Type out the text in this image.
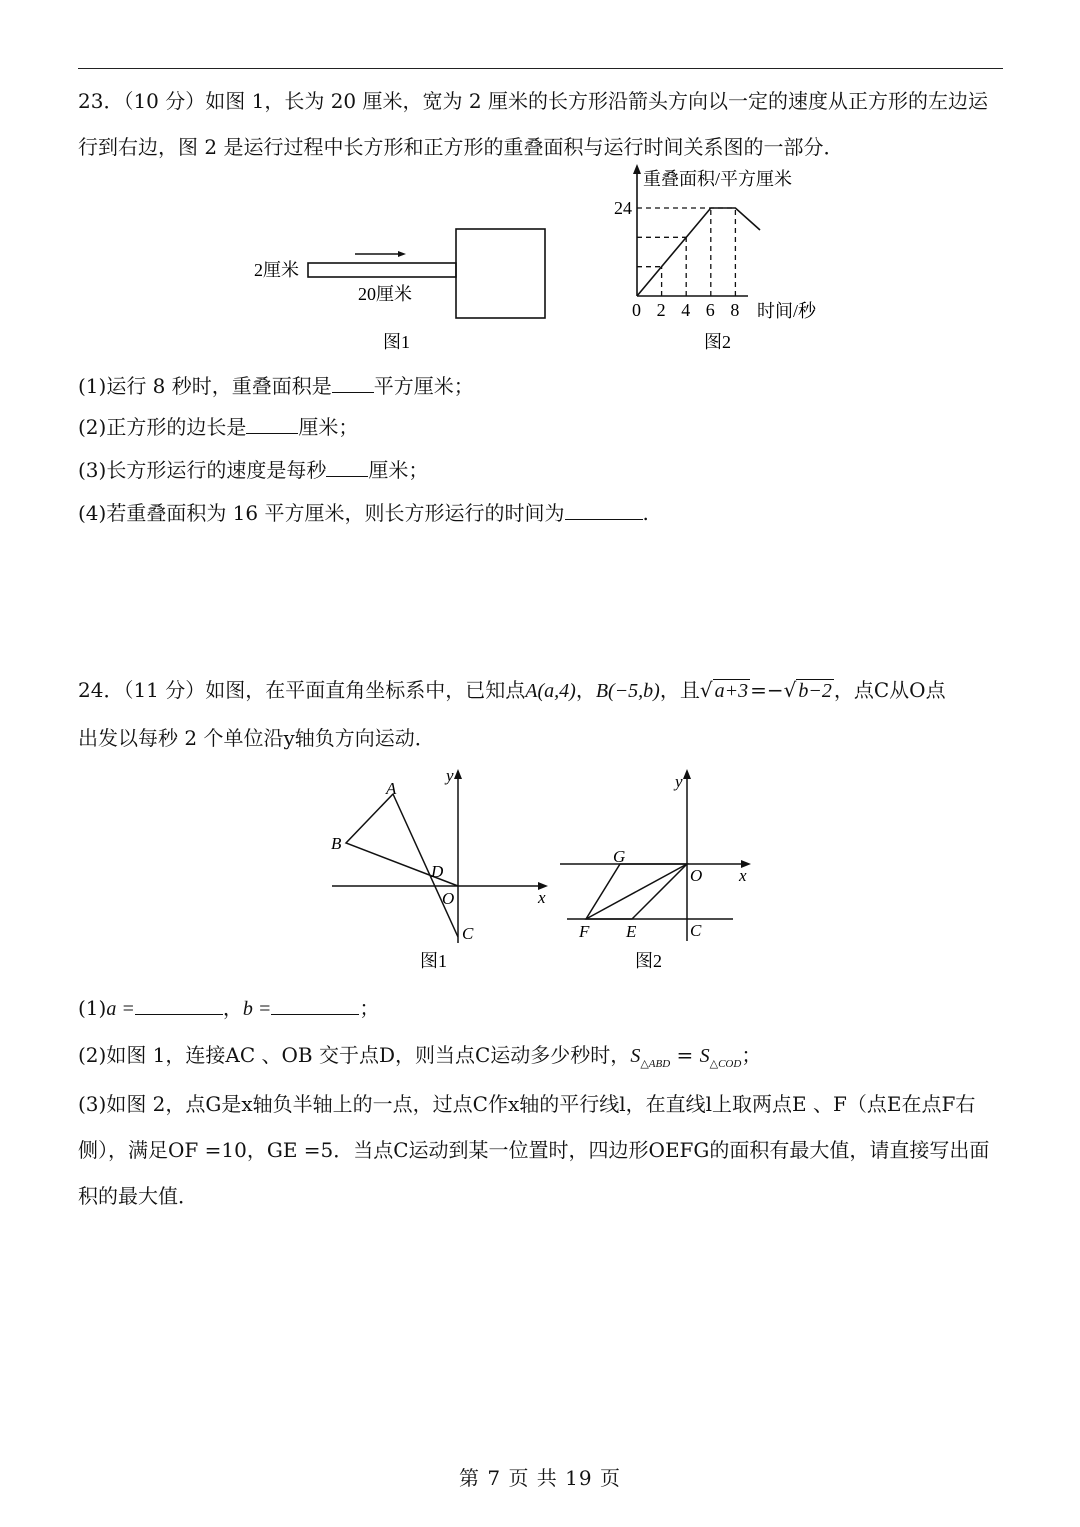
23．（10 分）如图 1，长为 20 厘米，宽为 2 厘米的长方形沿箭头方向以一定的速度从正方形的左边运行到右边，图 2 是运行过程中长方形和正方形的重叠面积与运行时间关系图的一部分．
2厘米
20厘米
图1
重叠面积/平方厘米
24
时间/秒
图2
0 2 4 6 8
(1)运行 8 秒时，重叠面积是 平方厘米；
(2)正方形的边长是	厘米；
(3)长方形运行的速度是每秒 厘米；
(4)若重叠面积为 16 平方厘米，则长方形运行的时间为	.
24．（11 分）如图，在平面直角坐标系中，已知点A(a,4)，B(−5,b)，且√ a+3 =−√ b−2 ，点C从O点
出发以每秒 2 个单位沿y轴负方向运动．
A
B
D
O
C
x
y
图1
G
O x
y
F E	C
图2
(1)a =	，b =	；
(2)如图 1，连接AC 、OB 交于点D，则当点C运动多少秒时，$S_{\triangle ABD} = S_{\triangle COD}$；
(3)如图 2，点G是x轴负半轴上的一点，过点C作x轴的平行线l，在直线l上取两点E 、F（点E在点F右侧），满足OF =10，GE =5．当点C运动到某一位置时，四边形OEFG的面积有最大值，请直接写出面积的最大值．
第 7 页 共 19 页
